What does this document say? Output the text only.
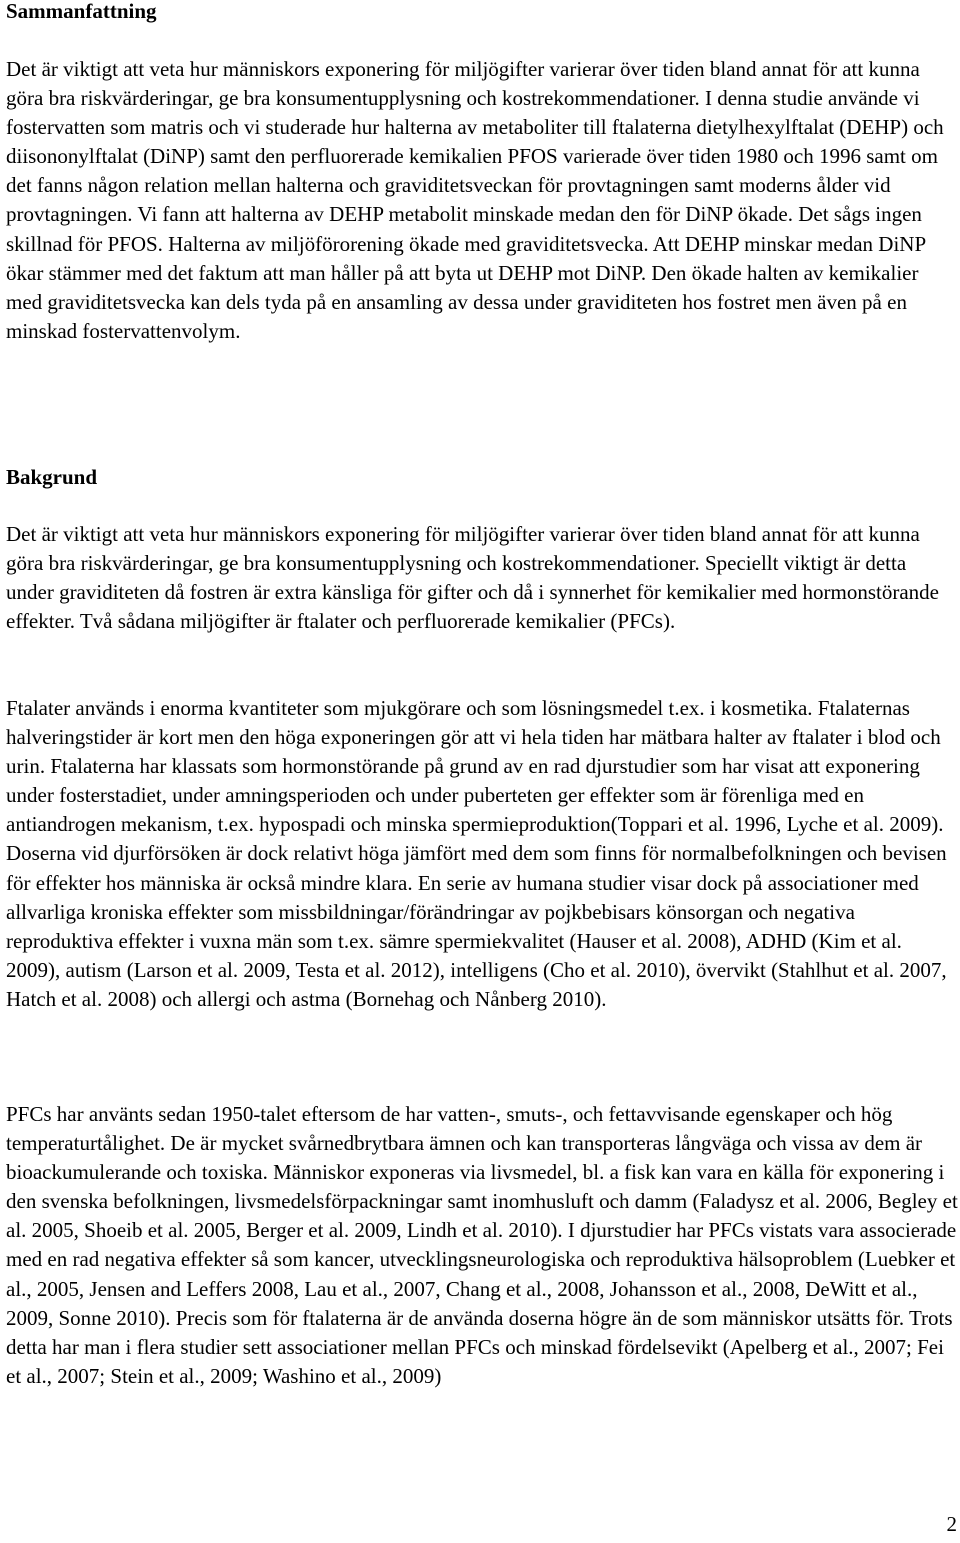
Sammanfattning

Det är viktigt att veta hur människors exponering för miljögifter varierar över tiden bland annat för att kunna göra bra riskvärderingar, ge bra konsumentupplysning och kostrekommendationer. I denna studie använde vi fostervatten som matris och vi studerade hur halterna av metaboliter till ftalaterna dietylhexylftalat (DEHP) och diisononylftalat (DiNP) samt den perfluorerade kemikalien PFOS varierade över tiden 1980 och 1996 samt om det fanns någon relation mellan halterna och graviditetsveckan för provtagningen samt moderns ålder vid provtagningen. Vi fann att halterna av DEHP metabolit minskade medan den för DiNP ökade. Det sågs ingen skillnad för PFOS. Halterna av miljöförorening ökade med graviditetsvecka. Att DEHP minskar medan DiNP ökar stämmer med det faktum att man håller på att byta ut DEHP mot DiNP. Den ökade halten av kemikalier med graviditetsvecka kan dels tyda på en ansamling av dessa under graviditeten hos fostret men även på en minskad fostervattenvolym.

Bakgrund

Det är viktigt att veta hur människors exponering för miljögifter varierar över tiden bland annat för att kunna göra bra riskvärderingar, ge bra konsumentupplysning och kostrekommendationer. Speciellt viktigt är detta under graviditeten då fostren är extra känsliga för gifter och då i synnerhet för kemikalier med hormonstörande effekter. Två sådana miljögifter är ftalater och perfluorerade kemikalier (PFCs).

Ftalater används i enorma kvantiteter som mjukgörare och som lösningsmedel t.ex. i kosmetika. Ftalaternas halveringstider är kort men den höga exponeringen gör att vi hela tiden har mätbara halter av ftalater i blod och urin. Ftalaterna har klassats som hormonstörande på grund av en rad djurstudier som har visat att exponering under fosterstadiet, under amningsperioden och under puberteten ger effekter som är förenliga med en antiandrogen mekanism, t.ex. hypospadi och minska spermieproduktion(Toppari et al. 1996, Lyche et al. 2009). Doserna vid djurförsöken är dock relativt höga jämfört med dem som finns för normalbefolkningen och bevisen för effekter hos människa är också mindre klara. En serie av humana studier visar dock på associationer med allvarliga kroniska effekter som missbildningar/förändringar av pojkbebisars könsorgan och negativa reproduktiva effekter i vuxna män som t.ex. sämre spermiekvalitet (Hauser et al. 2008), ADHD (Kim et al. 2009), autism (Larson et al. 2009, Testa et al. 2012), intelligens (Cho et al. 2010), övervikt (Stahlhut et al. 2007, Hatch et al. 2008) och allergi och astma (Bornehag och Nånberg 2010).

PFCs har använts sedan 1950-talet eftersom de har vatten-, smuts-, och fettavvisande egenskaper och hög temperaturtålighet. De är mycket svårnedbrytbara ämnen och kan transporteras långväga och vissa av dem är bioackumulerande och toxiska. Människor exponeras via livsmedel, bl. a fisk kan vara en källa för exponering i den svenska befolkningen, livsmedelsförpackningar samt inomhusluft och damm (Faladysz et al. 2006, Begley et al. 2005, Shoeib et al. 2005, Berger et al. 2009, Lindh et al. 2010). I djurstudier har PFCs vistats vara associerade med en rad negativa effekter så som kancer, utvecklingsneurologiska och reproduktiva hälsoproblem (Luebker et al., 2005, Jensen and Leffers 2008, Lau et al., 2007, Chang et al., 2008, Johansson et al., 2008, DeWitt et al., 2009, Sonne 2010). Precis som för ftalaterna är de använda doserna högre än de som människor utsätts för. Trots detta har man i flera studier sett associationer mellan PFCs och minskad fördelsevikt (Apelberg et al., 2007; Fei et al., 2007; Stein et al., 2009; Washino et al., 2009)

2
